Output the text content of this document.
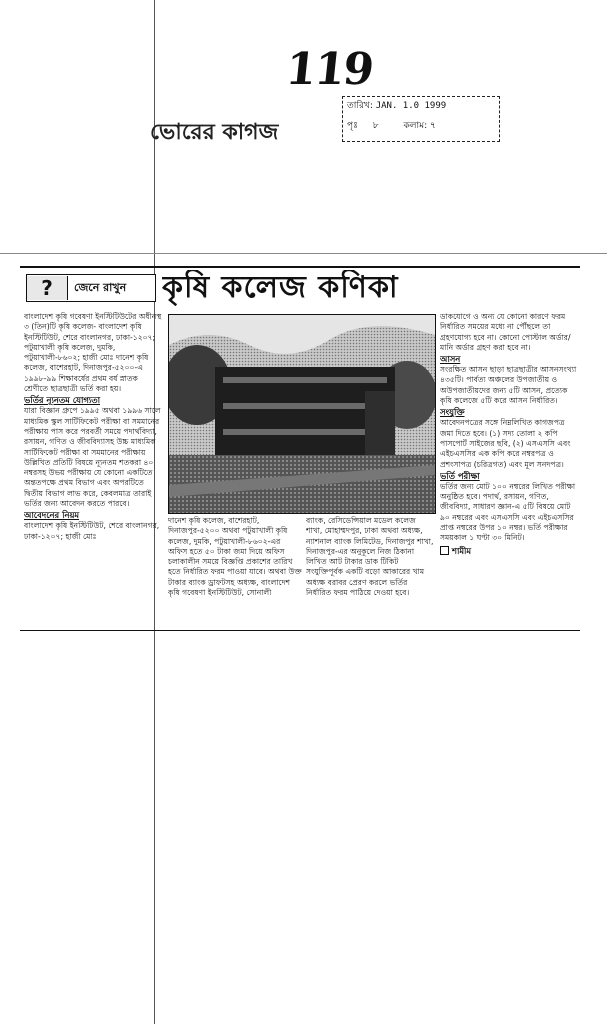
119
ভোরের কাগজ
তারিখ: JAN. 1.0 1999
পৃঃ ৮	কলাম: ৭
?	জেনে রাখুন কৃষি কলেজ কণিকা

বাংলাদেশ কৃষি গবেষণা ইনস্টিটিউটের অধীনস্থ ৩ (তিন)টি কৃষি কলেজ- বাংলাদেশ কৃষি ইনস্টিটিউট, শেরে বাংলানগর, ঢাকা-১২০৭; পটুয়াখালী কৃষি কলেজ, দুমকি, পটুয়াখালী-৮৬০২; হাজী মোঃ দানেশ কৃষি কলেজ, বাশেরহাট, দিনাজপুর-৫২০০-এ ১৯৯৮-৯৯ শিক্ষাবর্ষের প্রথম বর্ষ স্নাতক শ্রেণীতে ছাত্রছাত্রী ভর্তি করা হয়।

ভর্তির ন্যূনতম যোগ্যতা

যারা বিজ্ঞান গ্রুপে ১৯৯৫ অথবা ১৯৯৬ সালে মাধ্যমিক স্কুল সার্টিফিকেট পরীক্ষা বা সমমানের পরীক্ষায় পাস করে পরবর্তী সময়ে পদার্থবিদ্যা, রসায়ন, গণিত ও জীববিদ্যাসহ উচ্চ মাধ্যমিক সার্টিফিকেট পরীক্ষা বা সমমানের পরীক্ষায় উল্লিখিত প্রতিটি বিষয়ে ন্যূনতম শতকরা ৪০ নম্বরসহ উভয় পরীক্ষায় যে কোনো একটিতে অন্ততপক্ষে প্রথম বিভাগ এবং অপরটিতে দ্বিতীয় বিভাগ লাভ করে, কেবলমাত্র তারাই ভর্তির জন্য আবেদন করতে পারবে।

আবেদনের নিয়ম

বাংলাদেশ কৃষি ইনস্টিটিউট, শেরে বাংলানগর, ঢাকা-১২০৭; হাজী মোঃ

দানেশ কৃষি কলেজ, বাশেরহাট, দিনাজপুর-৫২০০ অথবা পটুয়াখালী কৃষি কলেজ, দুমকি, পটুয়াখালী-৮৬০২-এর অফিস হতে ৫০ টাকা জমা দিয়ে অফিস চলাকালীন সময়ে বিজ্ঞপ্তি প্রকাশের তারিখ হতে নির্ধারিত ফরম পাওয়া যাবে। অথবা উক্ত টাকার ব্যাংক ড্রাফটসহ অধ্যক্ষ, বাংলাদেশ কৃষি গবেষণা ইনস্টিটিউট, সোনালী

ব্যাংক, রেসিডেন্সিয়াল মডেল কলেজ শাখা, মোহাম্মদপুর, ঢাকা অথবা অধ্যক্ষ, ন্যাশনাল ব্যাংক লিমিটেড, দিনাজপুর শাখা, দিনাজপুর-এর অনুকূলে নিজ ঠিকানা লিখিত আট টাকার ডাক টিকিট সংযুক্তিপূর্বক একটি বড়ো আকারের খাম অধ্যক্ষ বরাবর প্রেরণ করলে ভর্তির নির্ধারিত ফরম পাঠিয়ে দেওয়া হবে।

ডাকযোগে ও অন্য যে কোনো কারণে ফরম নির্ধারিত সময়ের মধ্যে না পৌঁছলে তা গ্রহণযোগ্য হবে না। কোনো পোস্টাল অর্ডার/ মানি অর্ডার গ্রহণ করা হবে না।

আসন

সংরক্ষিত আসন ছাড়া ছাত্রছাত্রীর আসনসংখ্যা ৪৩৫টি। পার্বত্য অঞ্চলের উপজাতীয় ও অউপজাতীয়দের জন্য ৫টি আসন, প্রত্যেক কৃষি কলেজে ৫টি করে আসন নির্ধারিত।

সংযুক্তি

আবেদনপত্রের সঙ্গে নিম্নলিখিত কাগজপত্র জমা দিতে হবে। (১) সদ্য তোলা ২ কপি পাসপোর্ট সাইজের ছবি, (২) এসএসসি এবং এইচএসসির এক কপি করে নম্বরপত্র ও প্রশংসাপত্র (চরিত্রগত) এবং মূল সনদপত্র।

ভর্তি পরীক্ষা

ভর্তির জন্য মোট ১০০ নম্বরের লিখিত পরীক্ষা অনুষ্ঠিত হবে। পদার্থ, রসায়ন, গণিত, জীববিদ্যা, সাধারণ জ্ঞান-এ ৫টি বিষয়ে মোট ৯০ নম্বরের এবং এসএসসি এবং এইচএসসির প্রাপ্ত নম্বরের উপর ১০ নম্বর। ভর্তি পরীক্ষার সময়কাল ১ ঘণ্টা ৩০ মিনিট।

শামীম
